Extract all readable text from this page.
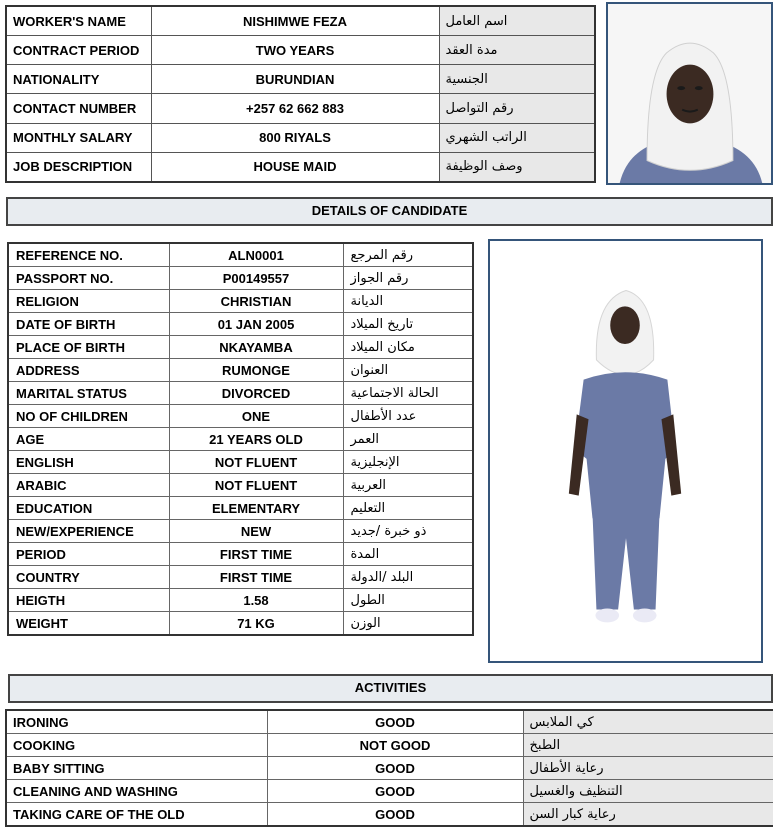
WORKER'S NAME	NISHIMWE FEZA	اسم العامل
CONTRACT PERIOD	TWO YEARS	مدة العقد
NATIONALITY	BURUNDIAN	الجنسية
CONTACT NUMBER	+257 62 662 883	رقم التواصل
MONTHLY SALARY	800 RIYALS	الراتب الشهري
JOB DESCRIPTION	HOUSE MAID	وصف الوظيفة
DETAILS OF CANDIDATE
REFERENCE NO.	ALN0001	رقم المرجع
PASSPORT NO.	P00149557	رقم الجواز
RELIGION	CHRISTIAN	الديانة
DATE OF BIRTH	01 JAN 2005	تاريخ الميلاد
PLACE OF BIRTH	NKAYAMBA	مكان الميلاد
ADDRESS	RUMONGE	العنوان
MARITAL STATUS	DIVORCED	الحالة الاجتماعية
NO OF CHILDREN	ONE	عدد الأطفال
AGE	21 YEARS OLD	العمر
ENGLISH	NOT FLUENT	الإنجليزية
ARABIC	NOT FLUENT	العربية
EDUCATION	ELEMENTARY	التعليم
NEW/EXPERIENCE	NEW	ذو خبرة /جديد
PERIOD	FIRST TIME	المدة
COUNTRY	FIRST TIME	البلد /الدولة
HEIGTH	1.58	الطول
WEIGHT	71 KG	الوزن
ACTIVITIES
IRONING	GOOD	كي الملابس
COOKING	NOT GOOD	الطبخ
BABY SITTING	GOOD	رعاية الأطفال
CLEANING AND WASHING	GOOD	التنظيف والغسيل
TAKING CARE OF THE OLD	GOOD	رعاية كبار السن
